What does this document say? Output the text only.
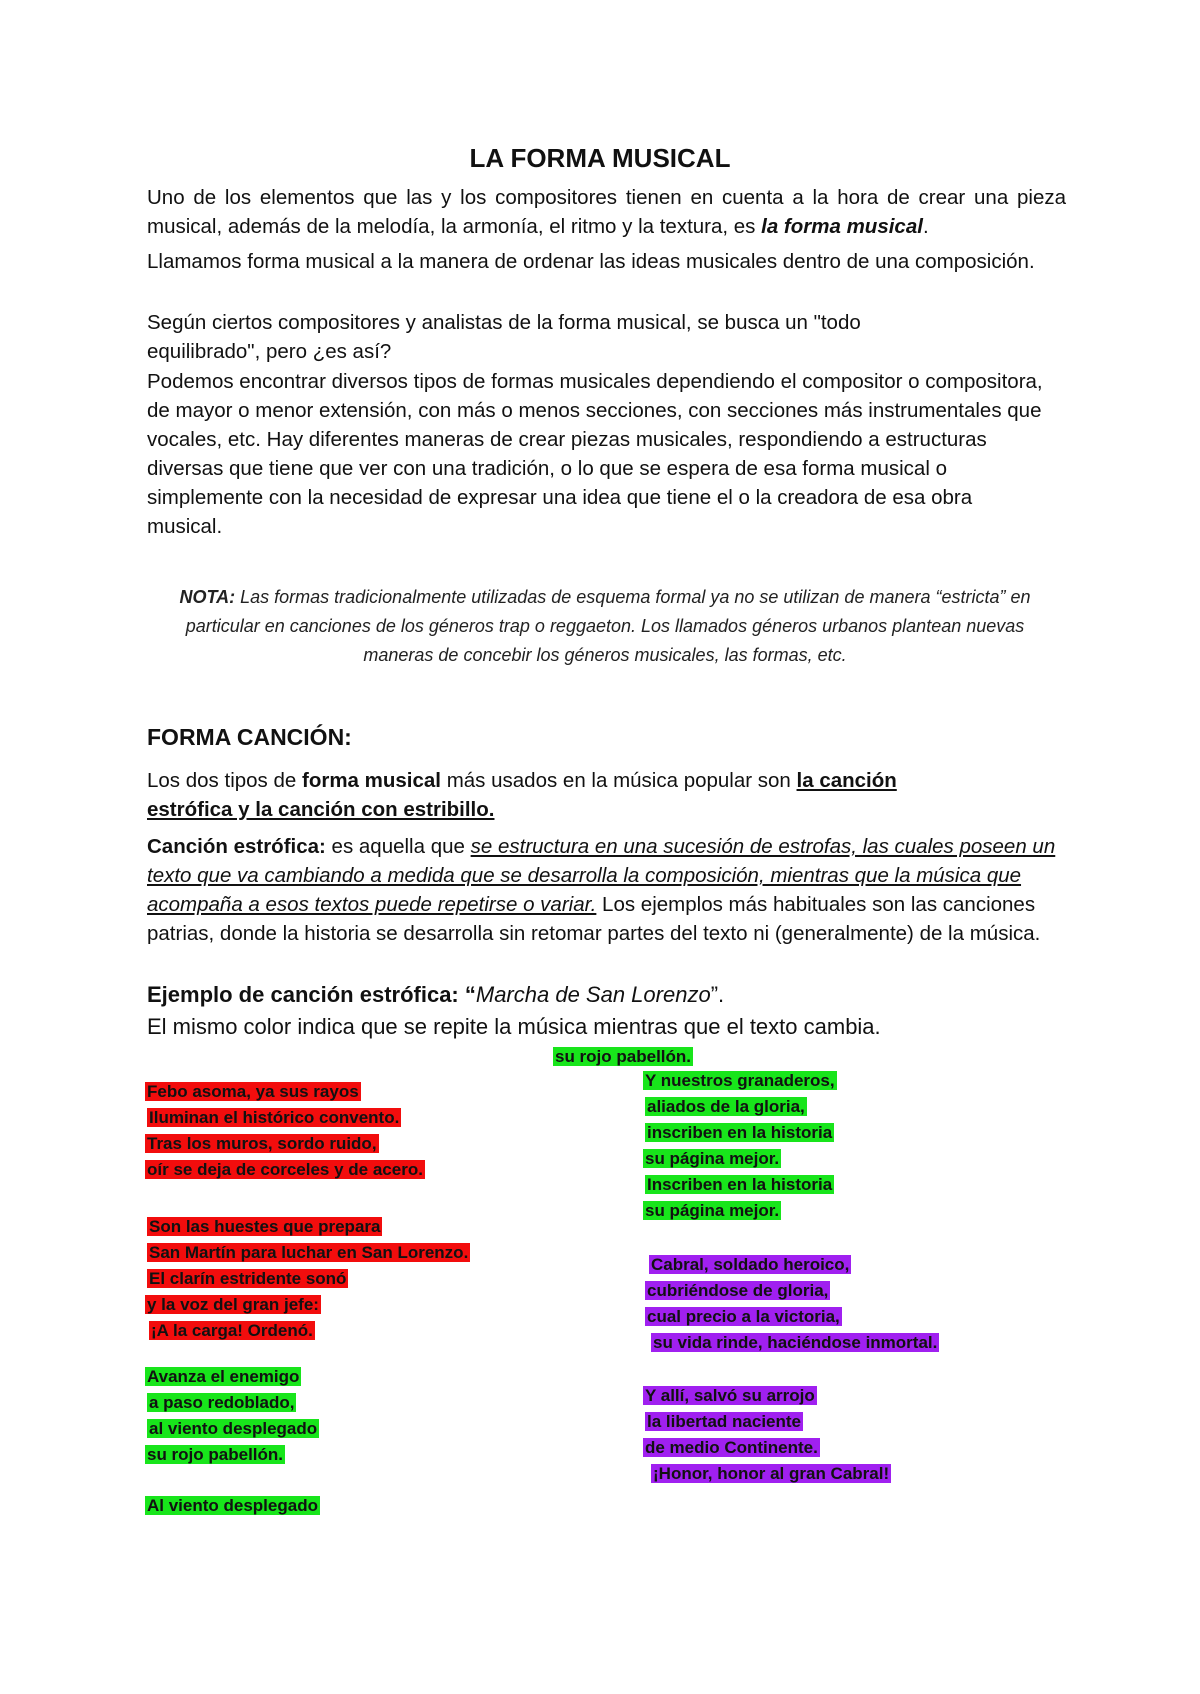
LA FORMA MUSICAL

Uno de los elementos que las y los compositores tienen en cuenta a la hora de crear una pieza musical, además de la melodía, la armonía, el ritmo y la textura, es la forma musical.

Llamamos forma musical a la manera de ordenar las ideas musicales dentro de una composición.

Según ciertos compositores y analistas de la forma musical, se busca un "todo equilibrado", pero ¿es así?

Podemos encontrar diversos tipos de formas musicales dependiendo el compositor o compositora, de mayor o menor extensión, con más o menos secciones, con secciones más instrumentales que vocales, etc. Hay diferentes maneras de crear piezas musicales, respondiendo a estructuras diversas que tiene que ver con una tradición, o lo que se espera de esa forma musical o simplemente con la necesidad de expresar una idea que tiene el o la creadora de esa obra musical.

NOTA: Las formas tradicionalmente utilizadas de esquema formal ya no se utilizan de manera “estricta” en particular en canciones de los géneros trap o reggaeton. Los llamados géneros urbanos plantean nuevas maneras de concebir los géneros musicales, las formas, etc.

FORMA CANCIÓN:

Los dos tipos de forma musical más usados en la música popular son la canción estrófica y la canción con estribillo.

Canción estrófica: es aquella que se estructura en una sucesión de estrofas, las cuales poseen un texto que va cambiando a medida que se desarrolla la composición, mientras que la música que acompaña a esos textos puede repetirse o variar. Los ejemplos más habituales son las canciones patrias, donde la historia se desarrolla sin retomar partes del texto ni (generalmente) de la música.

Ejemplo de canción estrófica: “Marcha de San Lorenzo”.

El mismo color indica que se repite la música mientras que el texto cambia.

Febo asoma, ya sus rayos
Iluminan el histórico convento.
Tras los muros, sordo ruido,
oír se deja de corceles y de acero.
Son las huestes que prepara
San Martín para luchar en San Lorenzo.
El clarín estridente sonó
y la voz del gran jefe:
¡A la carga! Ordenó.
Avanza el enemigo
a paso redoblado,
al viento desplegado
su rojo pabellón.
Al viento desplegado
su rojo pabellón.
Y nuestros granaderos,
aliados de la gloria,
inscriben en la historia
su página mejor.
Inscriben en la historia
su página mejor.
Cabral, soldado heroico,
cubriéndose de gloria,
cual precio a la victoria,
su vida rinde, haciéndose inmortal.
Y allí, salvó su arrojo
la libertad naciente
de medio Continente.
¡Honor, honor al gran Cabral!
